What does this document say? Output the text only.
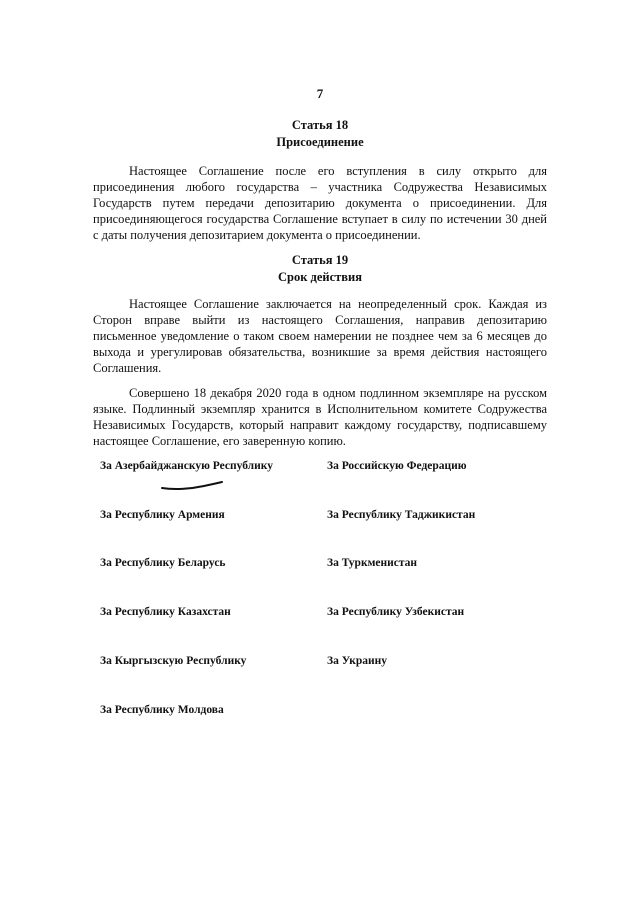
7
Статья 18
Присоединение

Настоящее Соглашение после его вступления в силу открыто для присоединения любого государства – участника Содружества Независимых Государств путем передачи депозитарию документа о присоединении. Для присоединяющегося государства Соглашение вступает в силу по истечении 30 дней с даты получения депозитарием документа о присоединении.

Статья 19
Срок действия

Настоящее Соглашение заключается на неопределенный срок. Каждая из Сторон вправе выйти из настоящего Соглашения, направив депозитарию письменное уведомление о таком своем намерении не позднее чем за 6 месяцев до выхода и урегулировав обязательства, возникшие за время действия настоящего Соглашения.

Совершено 18 декабря 2020 года в одном подлинном экземпляре на русском языке. Подлинный экземпляр хранится в Исполнительном комитете Содружества Независимых Государств, который направит каждому государству, подписавшему настоящее Соглашение, его заверенную копию.

За Азербайджанскую Республику
За Республику Армения
За Республику Беларусь
За Республику Казахстан
За Кыргызскую Республику
За Республику Молдова
За Российскую Федерацию
За Республику Таджикистан
За Туркменистан
За Республику Узбекистан
За Украину
